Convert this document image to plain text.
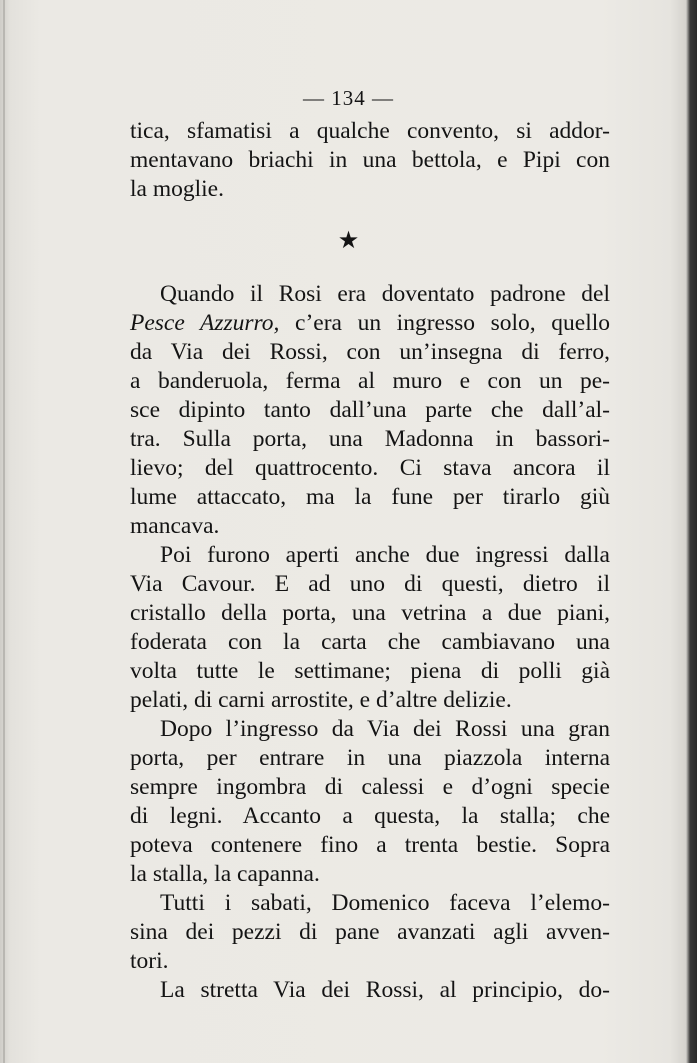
— 134 —
tica, sfamatisi a qualche convento, si addor-
mentavano briachi in una bettola, e Pipi con
la moglie.
★
Quando il Rosi era doventato padrone del
Pesce Azzurro, c’era un ingresso solo, quello
da Via dei Rossi, con un’insegna di ferro,
a banderuola, ferma al muro e con un pe-
sce dipinto tanto dall’una parte che dall’al-
tra. Sulla porta, una Madonna in bassori-
lievo; del quattrocento. Ci stava ancora il
lume attaccato, ma la fune per tirarlo giù
mancava.
Poi furono aperti anche due ingressi dalla
Via Cavour. E ad uno di questi, dietro il
cristallo della porta, una vetrina a due piani,
foderata con la carta che cambiavano una
volta tutte le settimane; piena di polli già
pelati, di carni arrostite, e d’altre delizie.
Dopo l’ingresso da Via dei Rossi una gran
porta, per entrare in una piazzola interna
sempre ingombra di calessi e d’ogni specie
di legni. Accanto a questa, la stalla; che
poteva contenere fino a trenta bestie. Sopra
la stalla, la capanna.
Tutti i sabati, Domenico faceva l’elemo-
sina dei pezzi di pane avanzati agli avven-
tori.
La stretta Via dei Rossi, al principio, do-
